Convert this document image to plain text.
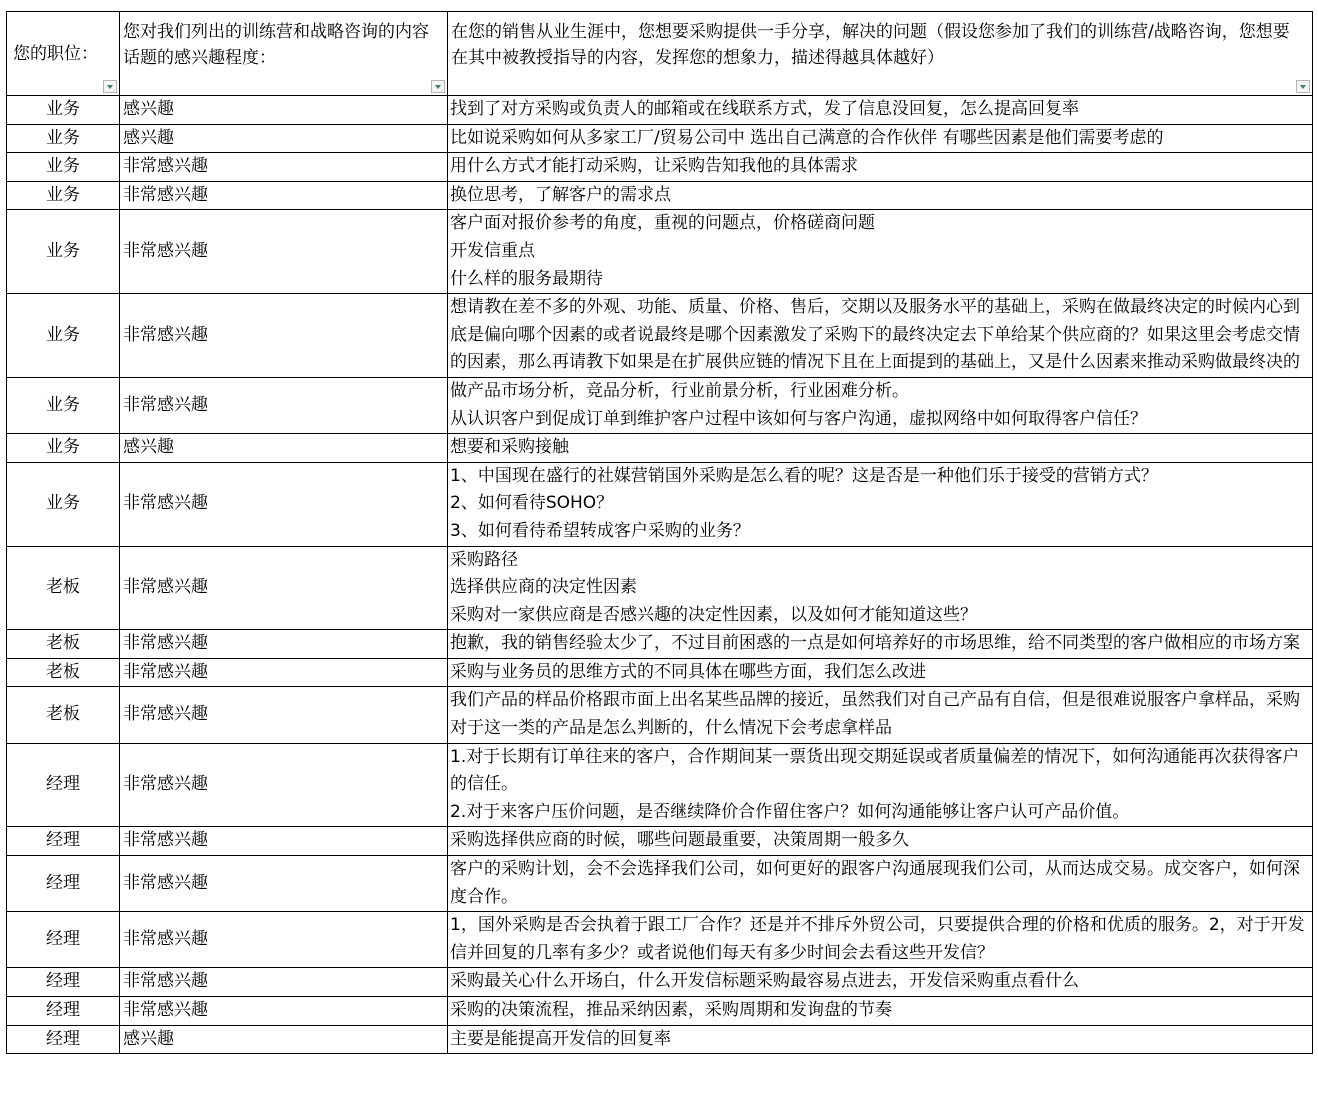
您的职位：	您对我们列出的训练营和战略咨询的内容话题的感兴趣程度：	在您的销售从业生涯中，您想要采购提供一手分享，解决的问题（假设您参加了我们的训练营/战略咨询，您想要在其中被教授指导的内容，发挥您的想象力，描述得越具体越好）

业务	感兴趣	找到了对方采购或负责人的邮箱或在线联系方式，发了信息没回复，怎么提高回复率

业务	感兴趣	比如说采购如何从多家工厂/贸易公司中 选出自己满意的合作伙伴 有哪些因素是他们需要考虑的

业务	非常感兴趣	用什么方式才能打动采购，让采购告知我他的具体需求

业务	非常感兴趣	换位思考，了解客户的需求点

业务	非常感兴趣	客户面对报价参考的角度，重视的问题点，价格磋商问题
开发信重点
什么样的服务最期待

业务	非常感兴趣	想请教在差不多的外观、功能、质量、价格、售后，交期以及服务水平的基础上，采购在做最终决定的时候内心到底是偏向哪个因素的或者说最终是哪个因素激发了采购下的最终决定去下单给某个供应商的？如果这里会考虑交情的因素，那么再请教下如果是在扩展供应链的情况下且在上面提到的基础上，又是什么因素来推动采购做最终决的

业务	非常感兴趣	做产品市场分析，竞品分析，行业前景分析，行业困难分析。
从认识客户到促成订单到维护客户过程中该如何与客户沟通，虚拟网络中如何取得客户信任？

业务	感兴趣	想要和采购接触

业务	非常感兴趣	1、中国现在盛行的社媒营销国外采购是怎么看的呢？这是否是一种他们乐于接受的营销方式？
2、如何看待SOHO？
3、如何看待希望转成客户采购的业务？

老板	非常感兴趣	采购路径
选择供应商的决定性因素
采购对一家供应商是否感兴趣的决定性因素，以及如何才能知道这些？

老板	非常感兴趣	抱歉，我的销售经验太少了，不过目前困惑的一点是如何培养好的市场思维，给不同类型的客户做相应的市场方案

老板	非常感兴趣	采购与业务员的思维方式的不同具体在哪些方面，我们怎么改进

老板	非常感兴趣	我们产品的样品价格跟市面上出名某些品牌的接近，虽然我们对自己产品有自信，但是很难说服客户拿样品，采购对于这一类的产品是怎么判断的，什么情况下会考虑拿样品

经理	非常感兴趣	1.对于长期有订单往来的客户，合作期间某一票货出现交期延误或者质量偏差的情况下，如何沟通能再次获得客户的信任。
2.对于来客户压价问题，是否继续降价合作留住客户？如何沟通能够让客户认可产品价值。

经理	非常感兴趣	采购选择供应商的时候，哪些问题最重要，决策周期一般多久

经理	非常感兴趣	客户的采购计划，会不会选择我们公司，如何更好的跟客户沟通展现我们公司，从而达成交易。成交客户，如何深度合作。

经理	非常感兴趣	1，国外采购是否会执着于跟工厂合作？还是并不排斥外贸公司，只要提供合理的价格和优质的服务。2，对于开发信并回复的几率有多少？或者说他们每天有多少时间会去看这些开发信？

经理	非常感兴趣	采购最关心什么开场白，什么开发信标题采购最容易点进去，开发信采购重点看什么

经理	非常感兴趣	采购的决策流程，推品采纳因素，采购周期和发询盘的节奏

经理	感兴趣	主要是能提高开发信的回复率
